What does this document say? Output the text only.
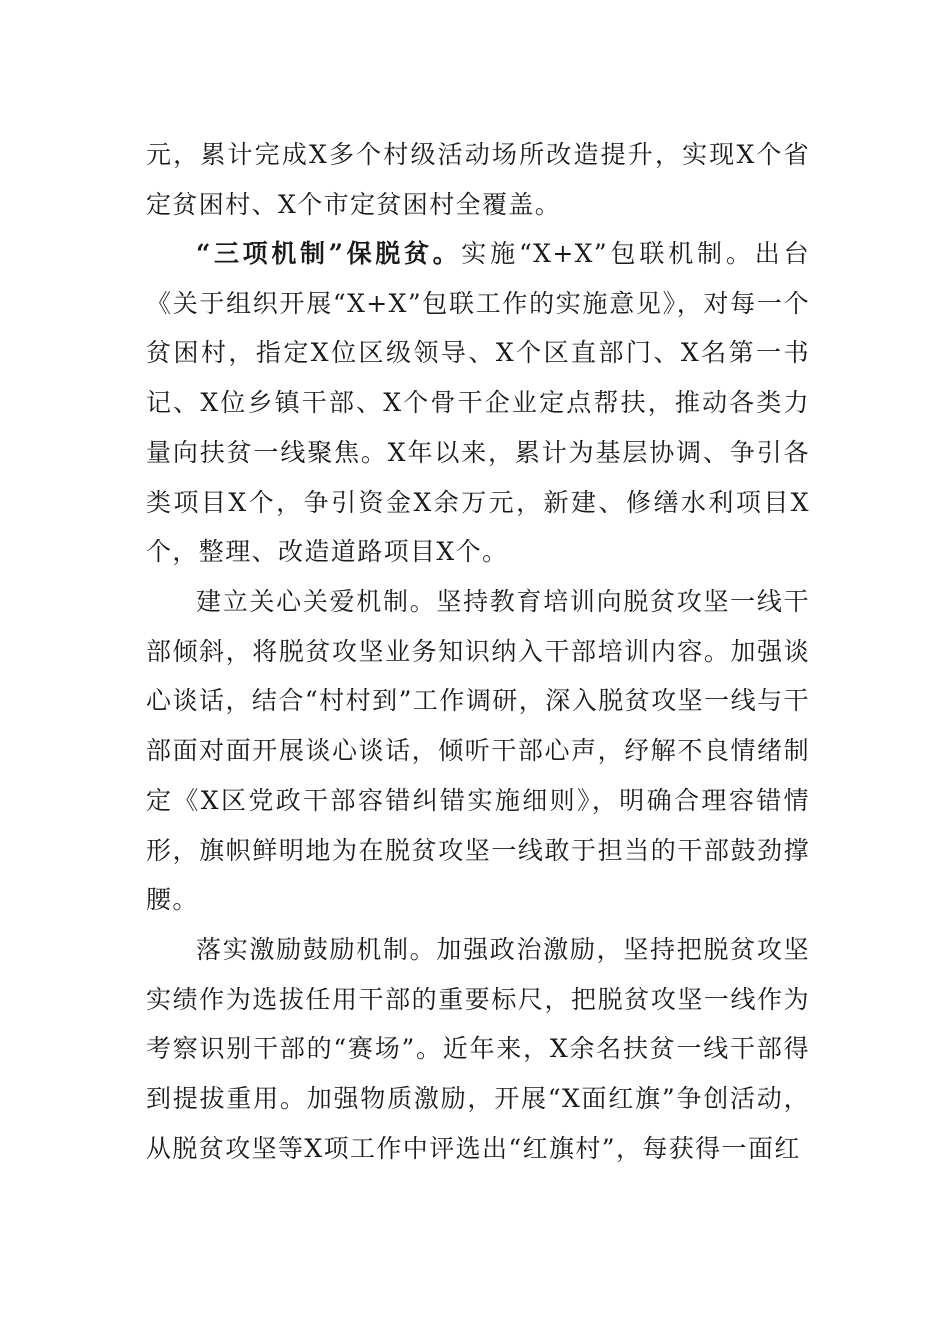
元，累计完成X多个村级活动场所改造提升，实现X个省定贫困村、X个市定贫困村全覆盖。

“三项机制”保脱贫。实施“X+X”包联机制。出台《关于组织开展“X+X”包联工作的实施意见》，对每一个贫困村，指定X位区级领导、X个区直部门、X名第一书记、X位乡镇干部、X个骨干企业定点帮扶，推动各类力量向扶贫一线聚焦。X年以来，累计为基层协调、争引各类项目X个，争引资金X余万元，新建、修缮水利项目X个，整理、改造道路项目X个。

建立关心关爱机制。坚持教育培训向脱贫攻坚一线干部倾斜，将脱贫攻坚业务知识纳入干部培训内容。加强谈心谈话，结合“村村到”工作调研，深入脱贫攻坚一线与干部面对面开展谈心谈话，倾听干部心声，纾解不良情绪制定《X区党政干部容错纠错实施细则》，明确合理容错情形，旗帜鲜明地为在脱贫攻坚一线敢于担当的干部鼓劲撑腰。

落实激励鼓励机制。加强政治激励，坚持把脱贫攻坚实绩作为选拔任用干部的重要标尺，把脱贫攻坚一线作为考察识别干部的“赛场”。近年来，X余名扶贫一线干部得到提拔重用。加强物质激励，开展“X面红旗”争创活动，从脱贫攻坚等X项工作中评选出“红旗村”，每获得一面红
